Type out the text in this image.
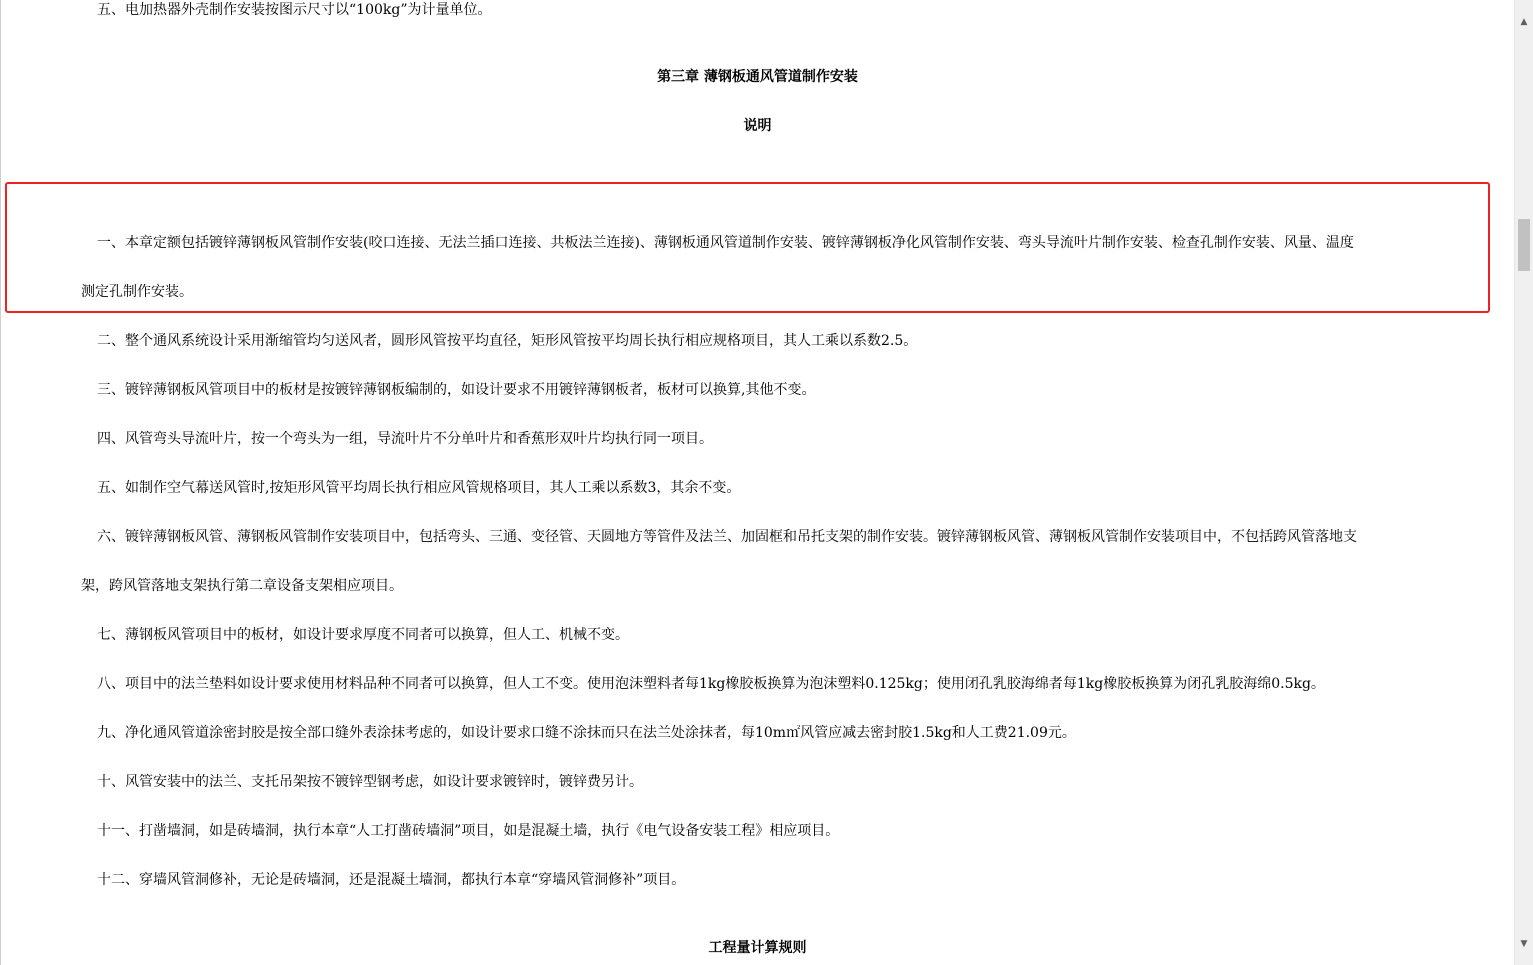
五、电加热器外壳制作安装按图示尺寸以“100kg”为计量单位。
第三章 薄钢板通风管道制作安装
说明
一、本章定额包括镀锌薄钢板风管制作安装(咬口连接、无法兰插口连接、共板法兰连接)、薄钢板通风管道制作安装、镀锌薄钢板净化风管制作安装、弯头导流叶片制作安装、检查孔制作安装、风量、温度
测定孔制作安装。
二、整个通风系统设计采用渐缩管均匀送风者，圆形风管按平均直径，矩形风管按平均周长执行相应规格项目，其人工乘以系数2.5。
三、镀锌薄钢板风管项目中的板材是按镀锌薄钢板编制的，如设计要求不用镀锌薄钢板者，板材可以换算,其他不变。
四、风管弯头导流叶片，按一个弯头为一组，导流叶片不分单叶片和香蕉形双叶片均执行同一项目。
五、如制作空气幕送风管时,按矩形风管平均周长执行相应风管规格项目，其人工乘以系数3，其余不变。
六、镀锌薄钢板风管、薄钢板风管制作安装项目中，包括弯头、三通、变径管、天圆地方等管件及法兰、加固框和吊托支架的制作安装。镀锌薄钢板风管、薄钢板风管制作安装项目中，不包括跨风管落地支
架，跨风管落地支架执行第二章设备支架相应项目。
七、薄钢板风管项目中的板材，如设计要求厚度不同者可以换算，但人工、机械不变。
八、项目中的法兰垫料如设计要求使用材料品种不同者可以换算，但人工不变。使用泡沫塑料者每1kg橡胶板换算为泡沫塑料0.125kg；使用闭孔乳胶海绵者每1kg橡胶板换算为闭孔乳胶海绵0.5kg。
九、净化通风管道涂密封胶是按全部口缝外表涂抹考虑的，如设计要求口缝不涂抹而只在法兰处涂抹者，每10m㎡风管应减去密封胶1.5kg和人工费21.09元。
十、风管安装中的法兰、支托吊架按不镀锌型钢考虑，如设计要求镀锌时，镀锌费另计。
十一、打凿墙洞，如是砖墙洞，执行本章“人工打凿砖墙洞”项目，如是混凝土墙，执行《电气设备安装工程》相应项目。
十二、穿墙风管洞修补，无论是砖墙洞，还是混凝土墙洞，都执行本章“穿墙风管洞修补”项目。
工程量计算规则
▲
▼
